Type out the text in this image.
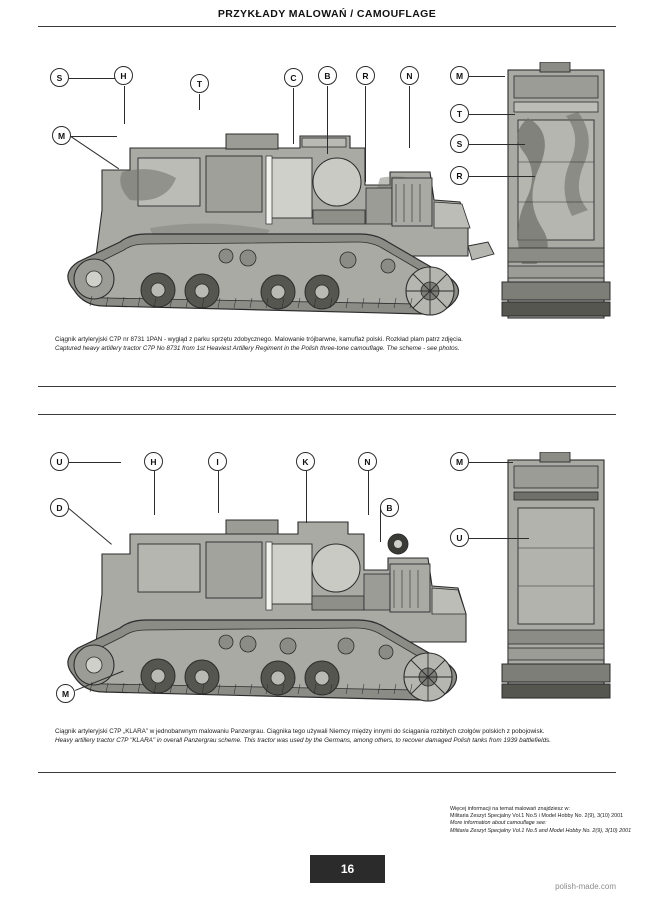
PRZYKŁADY MALOWAŃ / CAMOUFLAGE
S	H
T
C	B	R	N
M
M
T
S
R
Ciągnik artyleryjski C7P nr 8731 1PAN - wygląd z parku sprzętu zdobycznego. Malowanie trójbarwne, kamuflaż polski. Rozkład plam patrz zdjęcia.
Captured heavy artillery tractor C7P No 8731 from 1st Heaviest Artillery Regiment in the Polish three-tone camouflage. The scheme - see photos.
U	H	I	K	N
B
D
M
M
U
Ciągnik artyleryjski C7P „KLARA” w jednobarwnym malowaniu Panzergrau. Ciągnika tego używali Niemcy między innymi do ściągania rozbitych czołgów polskich z pobojowisk.
Heavy artillery tractor C7P "KLARA" in overall Panzergrau scheme. This tractor was used by the Germans, among others, to recover damaged Polish tanks from 1939 battlefields.
Więcej informacji na temat malowań znajdziesz w:
Militaria Zeszyt Specjalny Vol.1 No.5 i Model Hobby No. 2(9), 3(10) 2001
More information about camouflage see:
Militaria Zeszyt Specjalny Vol.1 No.5 and Model Hobby No. 2(9), 3(10) 2001
16
polish-made.com
